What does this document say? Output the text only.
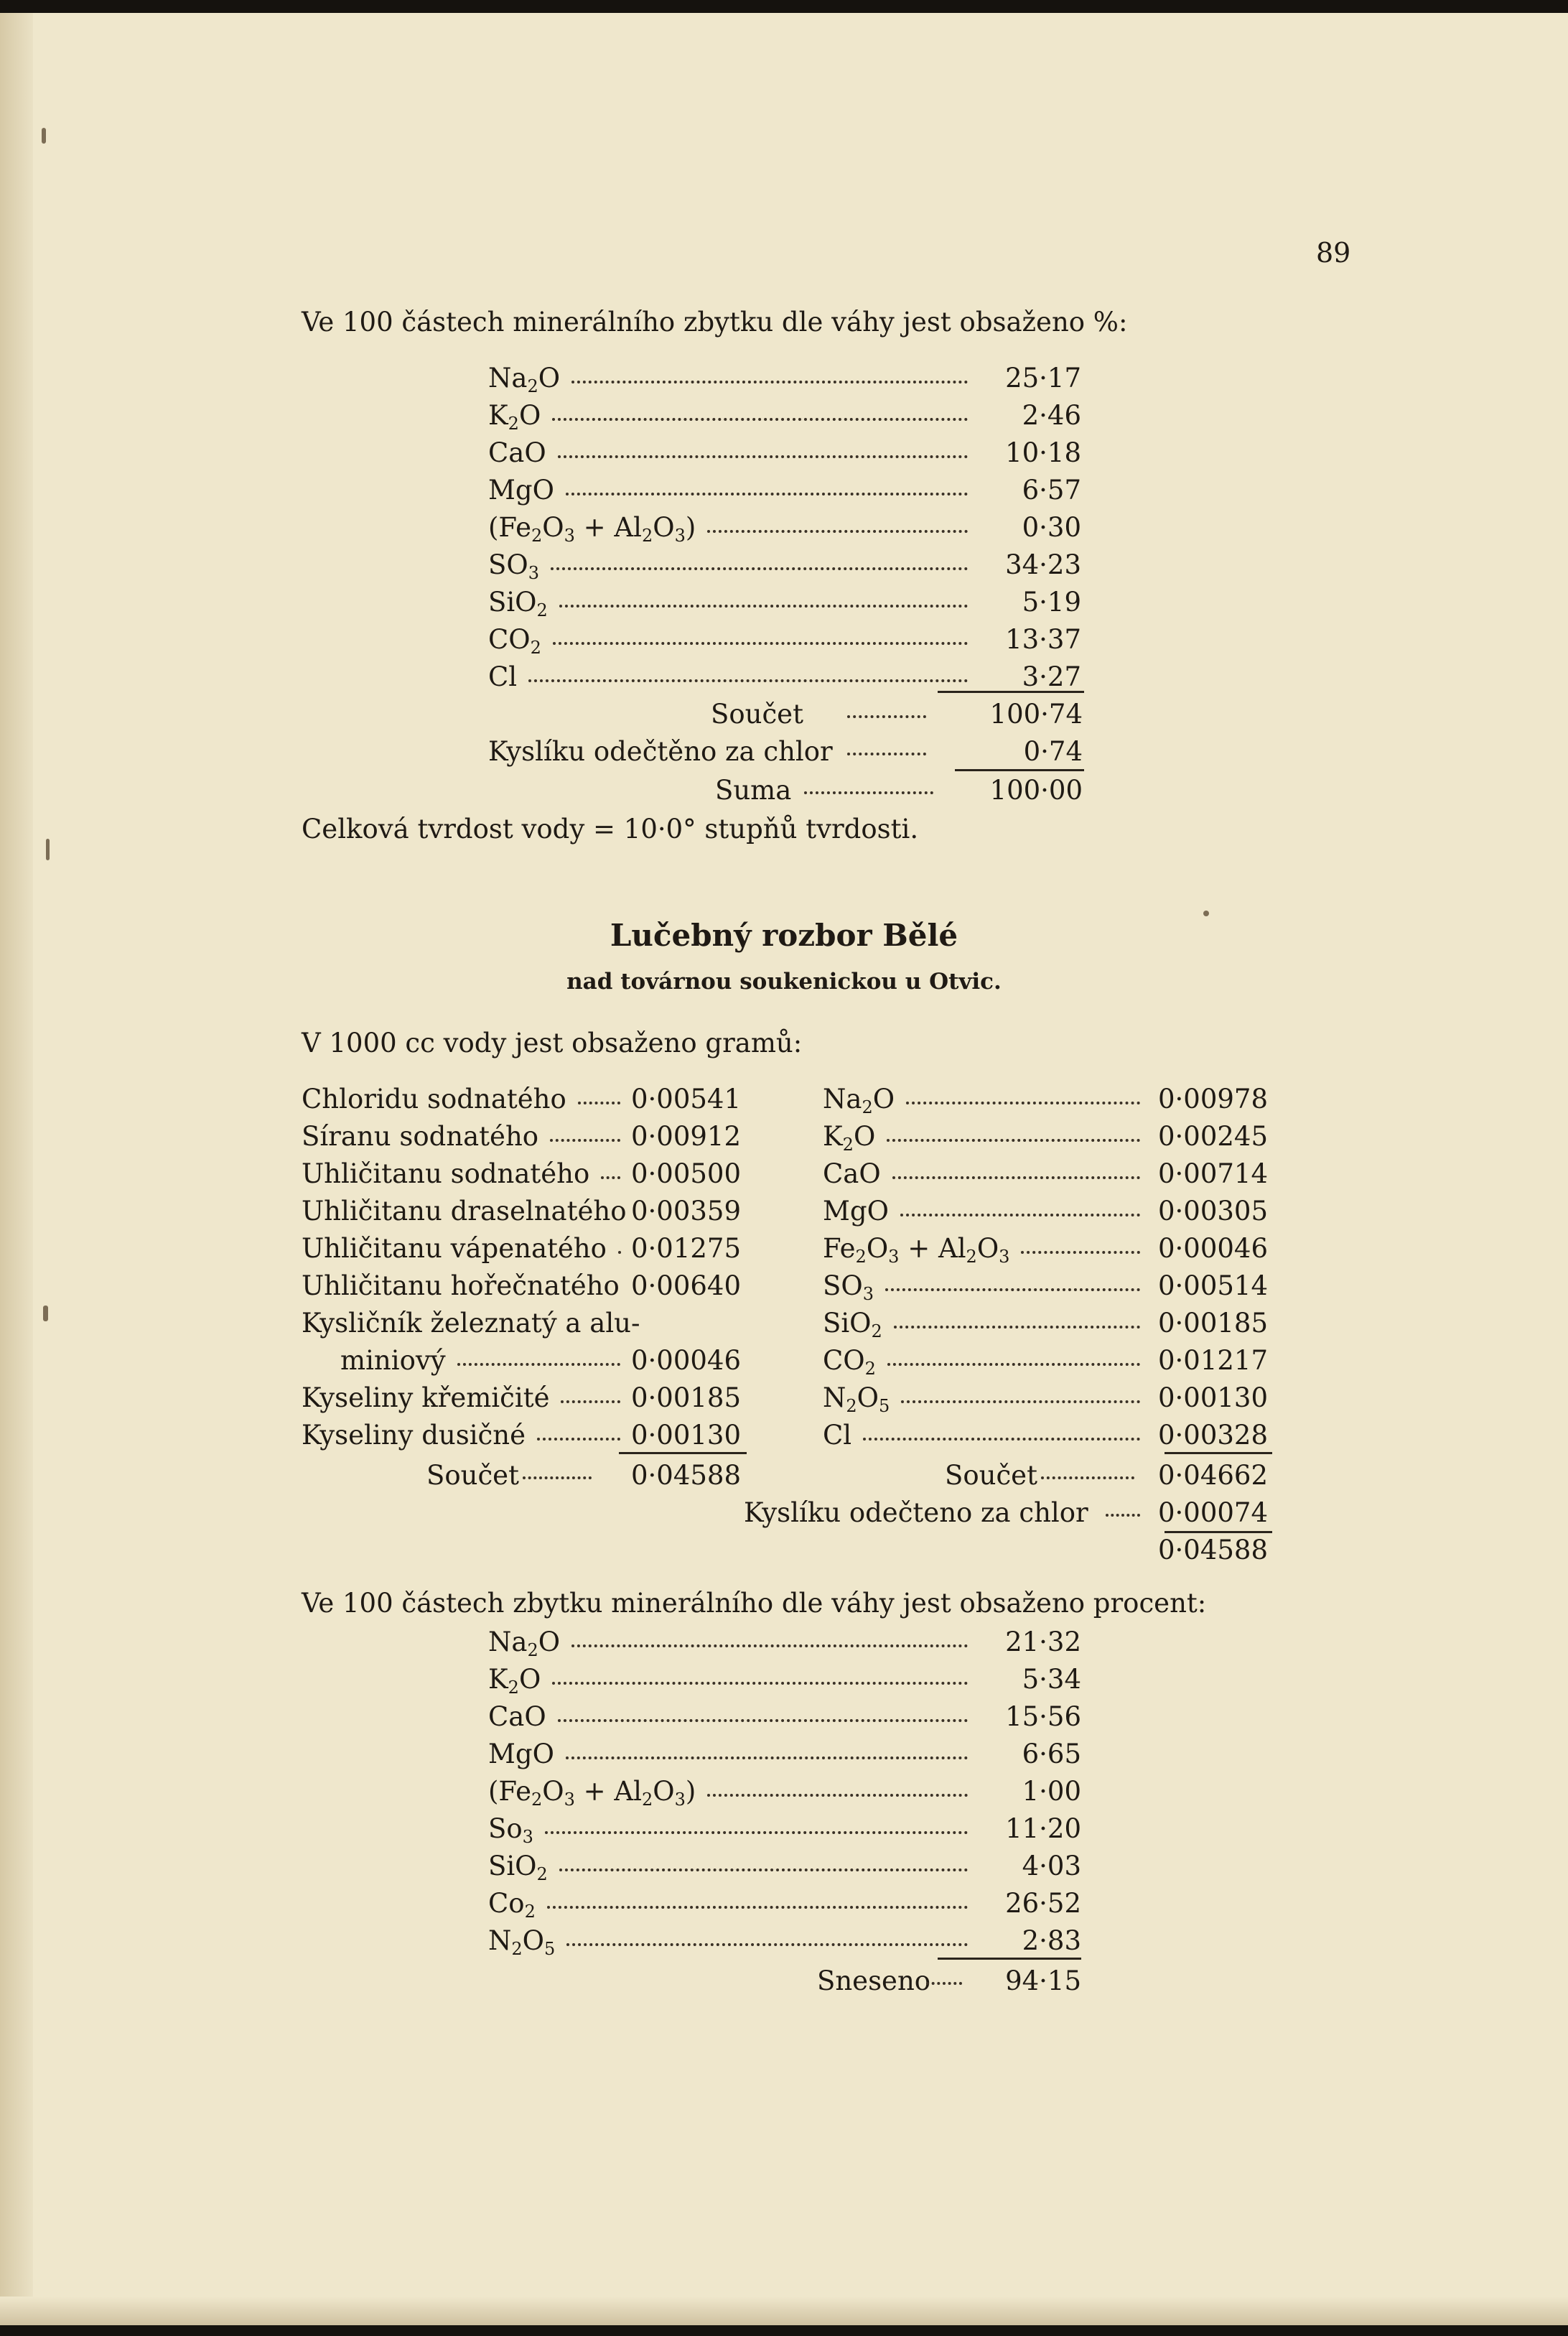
89
Ve 100 částech minerálního zbytku dle váhy jest obsaženo %:
$Na_2O$	25·17
$K_2O$	2·46
CaO	10·18
MgO	6·57
$(Fe_2O_3 + Al_2O_3)$	0·30
$SO_3$	34·23
SiO$_2$	5·19
$CO_2$	13·37
Cl	3·27
Součet	100·74
Kyslíku odečtěno za chlor	0·74
Suma	100·00
Celková tvrdost vody = 10·0° stupňů tvrdosti.
Lučebný rozbor Bělé
nad továrnou soukenickou u Otvic.
V 1000 cc vody jest obsaženo gramů:
Chloridu sodnatého 0·00541
Síranu sodnatého	0·00912
Uhličitanu sodnatého 0·00500
Uhličitanu draselnatého 0·00359
Uhličitanu vápenatého 0·01275
Uhličitanu hořečnatého 0·00640
Kysličník železnatý a alu-
miniový	0·00046
Kyseliny křemičité	0·00185
Kyseliny dusičné	0·00130
$Na_2O$	0·00978
$K_2O$	0·00245
CaO	0·00714
MgO	0·00305
$Fe_2O_3 + Al_2O_3$	0·00046
$SO_3$	0·00514
SiO$_2$	0·00185
$CO_2$	0·01217
$N_2O_5$	0·00130
Cl	0·00328
Součet	0·04588	Součet	0·04662
Kyslíku odečteno za chlor	0·00074
0·04588
Ve 100 částech zbytku minerálního dle váhy jest obsaženo procent:
$Na_2O$	21·32
$K_2O$	5·34
CaO	15·56
MgO	6·65
$(Fe_2O_3 + Al_2O_3)$	1·00
$So_3$	11·20
SiO$_2$	4·03
$Co_2$	26·52
$N_2O_5$	2·83
Sneseno	94·15
